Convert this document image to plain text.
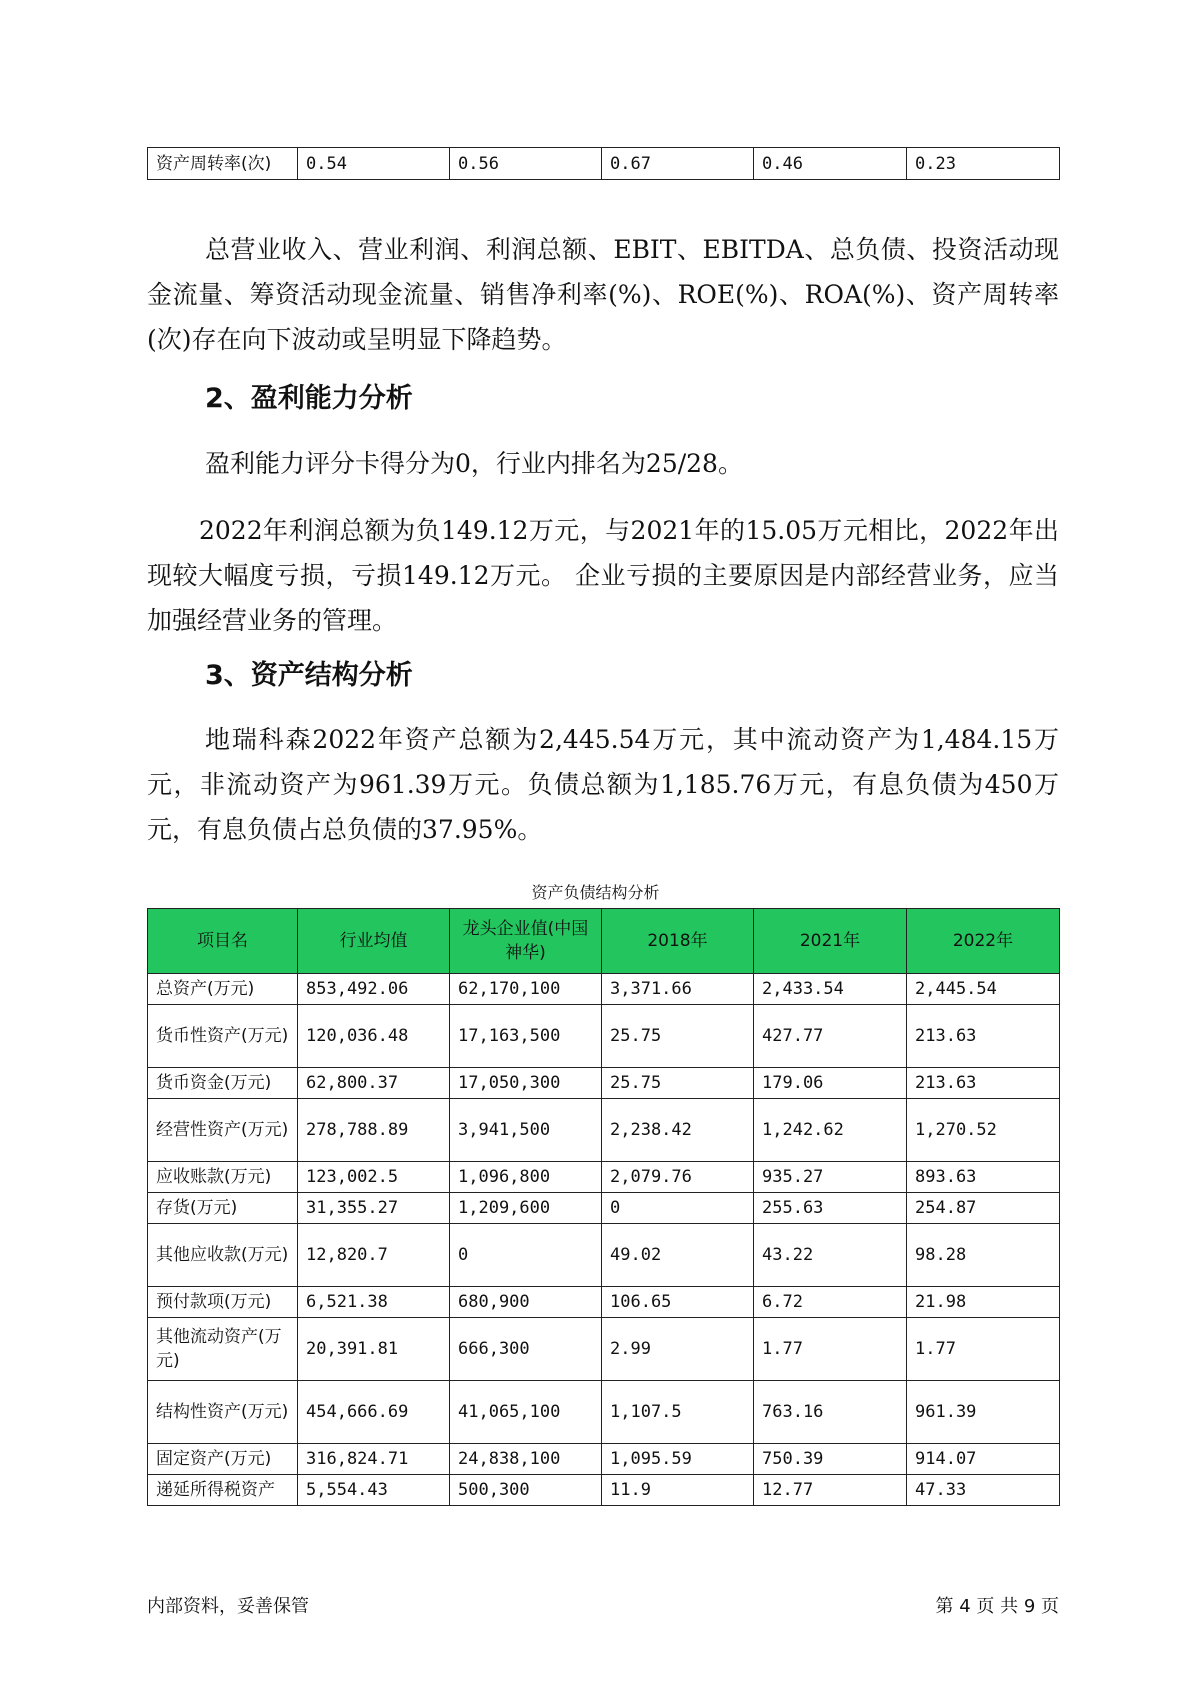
资产周转率(次)	0.54	0.56	0.67	0.46	0.23
总营业收入、营业利润、利润总额、EBIT、EBITDA、总负债、投资活动现金流量、筹资活动现金流量、销售净利率(%)、ROE(%)、ROA(%)、资产周转率(次)存在向下波动或呈明显下降趋势。
2、盈利能力分析
盈利能力评分卡得分为0，行业内排名为25/28。
2022年利润总额为负149.12万元，与2021年的15.05万元相比，2022年出现较大幅度亏损，亏损149.12万元。 企业亏损的主要原因是内部经营业务，应当加强经营业务的管理。
3、资产结构分析
地瑞科森2022年资产总额为2,445.54万元，其中流动资产为1,484.15万元，非流动资产为961.39万元。负债总额为1,185.76万元，有息负债为450万元，有息负债占总负债的37.95%。
资产负债结构分析
项目名	行业均值	龙头企业值(中国神华)	2018年	2021年	2022年
总资产(万元)	853,492.06	62,170,100	3,371.66	2,433.54	2,445.54
货币性资产(万元)	120,036.48	17,163,500	25.75	427.77	213.63
货币资金(万元)	62,800.37	17,050,300	25.75	179.06	213.63
经营性资产(万元)	278,788.89	3,941,500	2,238.42	1,242.62	1,270.52
应收账款(万元)	123,002.5	1,096,800	2,079.76	935.27	893.63
存货(万元)	31,355.27	1,209,600	0	255.63	254.87
其他应收款(万元)	12,820.7	0	49.02	43.22	98.28
预付款项(万元)	6,521.38	680,900	106.65	6.72	21.98
其他流动资产(万元)	20,391.81	666,300	2.99	1.77	1.77
结构性资产(万元)	454,666.69	41,065,100	1,107.5	763.16	961.39
固定资产(万元)	316,824.71	24,838,100	1,095.59	750.39	914.07
递延所得税资产	5,554.43	500,300	11.9	12.77	47.33
内部资料，妥善保管	第 4 页 共 9 页
